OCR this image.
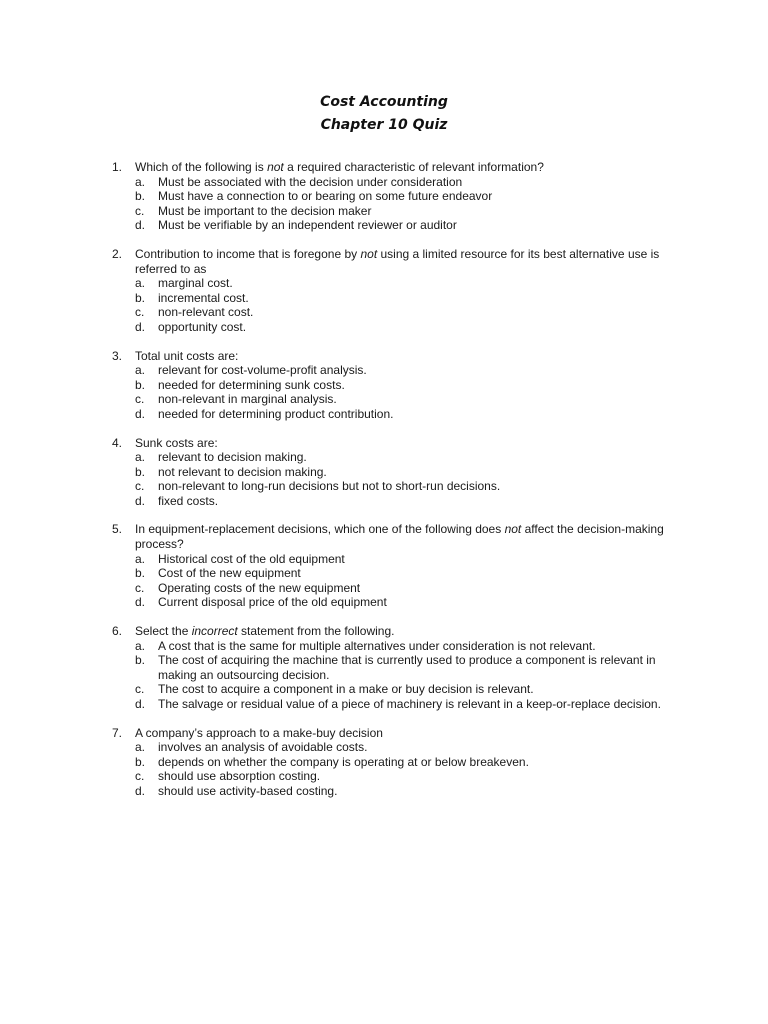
Cost Accounting
Chapter 10 Quiz
1. Which of the following is not a required characteristic of relevant information?
a. Must be associated with the decision under consideration
b. Must have a connection to or bearing on some future endeavor
c. Must be important to the decision maker
d. Must be verifiable by an independent reviewer or auditor
2. Contribution to income that is foregone by not using a limited resource for its best alternative use is referred to as
a. marginal cost.
b. incremental cost.
c. non-relevant cost.
d. opportunity cost.
3. Total unit costs are:
a. relevant for cost-volume-profit analysis.
b. needed for determining sunk costs.
c. non-relevant in marginal analysis.
d. needed for determining product contribution.
4. Sunk costs are:
a. relevant to decision making.
b. not relevant to decision making.
c. non-relevant to long-run decisions but not to short-run decisions.
d. fixed costs.
5. In equipment-replacement decisions, which one of the following does not affect the decision-making process?
a. Historical cost of the old equipment
b. Cost of the new equipment
c. Operating costs of the new equipment
d. Current disposal price of the old equipment
6. Select the incorrect statement from the following.
a. A cost that is the same for multiple alternatives under consideration is not relevant.
b. The cost of acquiring the machine that is currently used to produce a component is relevant in making an outsourcing decision.
c. The cost to acquire a component in a make or buy decision is relevant.
d. The salvage or residual value of a piece of machinery is relevant in a keep-or-replace decision.
7. A company’s approach to a make-buy decision
a. involves an analysis of avoidable costs.
b. depends on whether the company is operating at or below breakeven.
c. should use absorption costing.
d. should use activity-based costing.
